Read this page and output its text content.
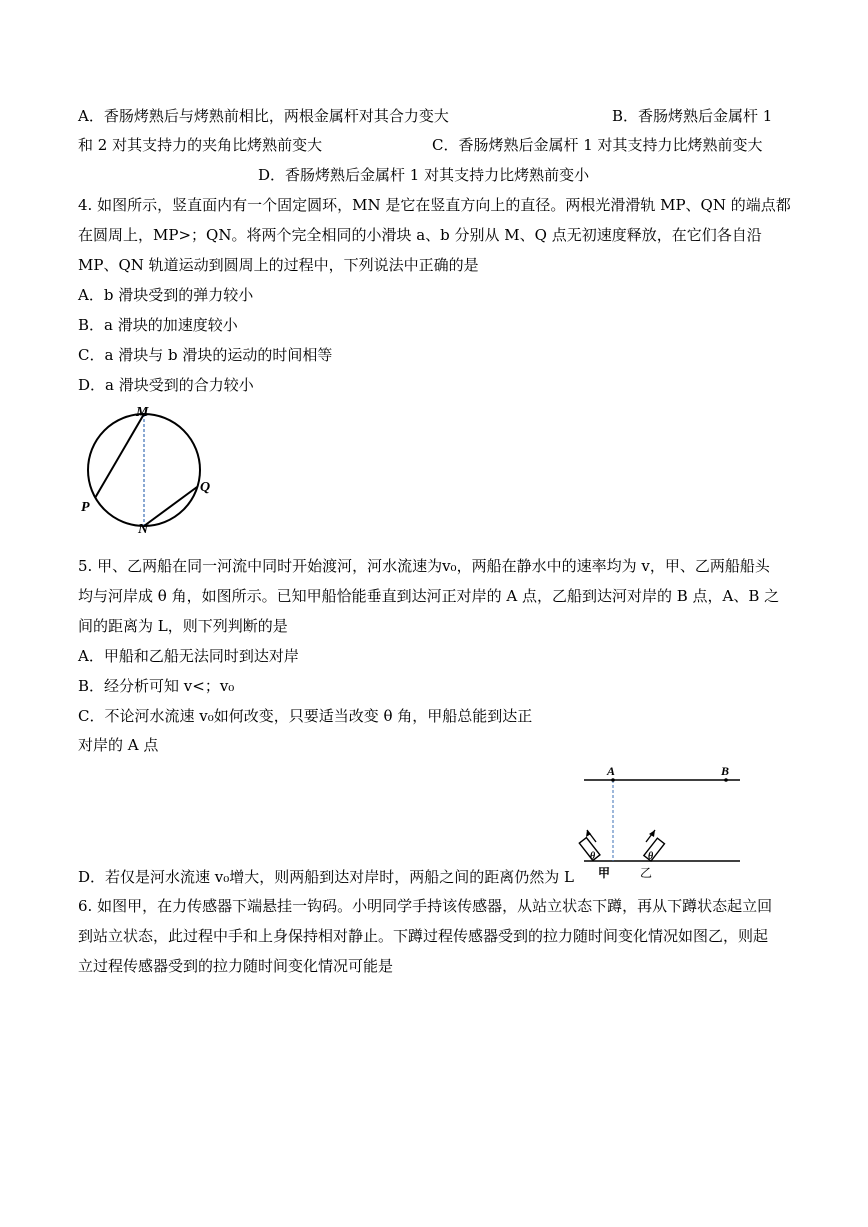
A．香肠烤熟后与烤熟前相比，两根金属杆对其合力变大	B．香肠烤熟后金属杆 1
和 2 对其支持力的夹角比烤熟前变大	C．香肠烤熟后金属杆 1 对其支持力比烤熟前变大
D．香肠烤熟后金属杆 1 对其支持力比烤熟前变小
4. 如图所示，竖直面内有一个固定圆环，MN 是它在竖直方向上的直径。两根光滑滑轨 MP、QN 的端点都
在圆周上，MP>；QN。将两个完全相同的小滑块 a、b 分别从 M、Q 点无初速度释放，在它们各自沿
MP、QN 轨道运动到圆周上的过程中，下列说法中正确的是
A．b 滑块受到的弹力较小
B．a 滑块的加速度较小
C．a 滑块与 b 滑块的运动的时间相等
D．a 滑块受到的合力较小
M
P
Q
N
5. 甲、乙两船在同一河流中同时开始渡河，河水流速为v₀，两船在静水中的速率均为 v，甲、乙两船船头
均与河岸成 θ 角，如图所示。已知甲船恰能垂直到达河正对岸的 A 点，乙船到达河对岸的 B 点，A、B 之
间的距离为 L，则下列判断的是
A．甲船和乙船无法同时到达对岸
B．经分析可知 v<；v₀
C．不论河水流速 v₀如何改变，只要适当改变 θ 角，甲船总能到达正
对岸的 A 点
D．若仅是河水流速 v₀增大，则两船到达对岸时，两船之间的距离仍然为 L
A	B
θ	θ
甲 乙
6. 如图甲，在力传感器下端悬挂一钩码。小明同学手持该传感器，从站立状态下蹲，再从下蹲状态起立回
到站立状态，此过程中手和上身保持相对静止。下蹲过程传感器受到的拉力随时间变化情况如图乙，则起
立过程传感器受到的拉力随时间变化情况可能是
